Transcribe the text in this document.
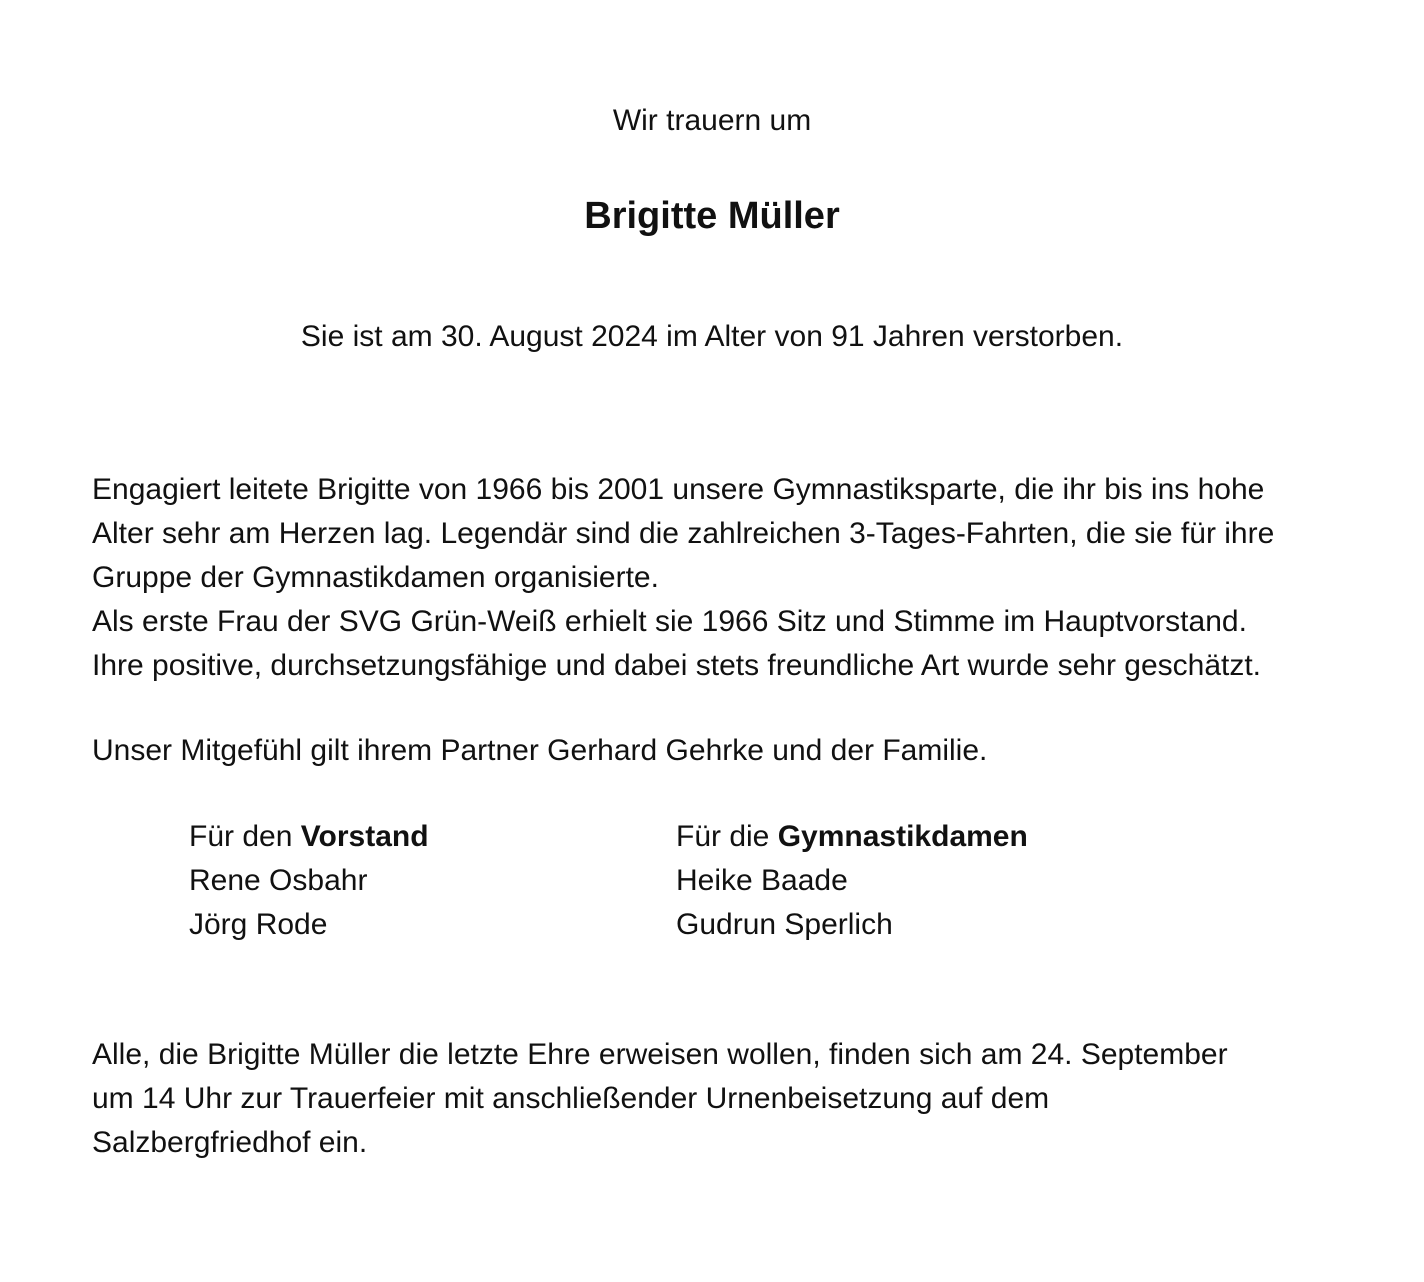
Wir trauern um
Brigitte Müller
Sie ist am 30. August 2024 im Alter von 91 Jahren verstorben.
Engagiert leitete Brigitte von 1966 bis 2001 unsere Gymnastiksparte, die ihr bis ins hohe
Alter sehr am Herzen lag. Legendär sind die zahlreichen 3-Tages-Fahrten, die sie für ihre
Gruppe der Gymnastikdamen organisierte.
Als erste Frau der SVG Grün-Weiß erhielt sie 1966 Sitz und Stimme im Hauptvorstand.
Ihre positive, durchsetzungsfähige und dabei stets freundliche Art wurde sehr geschätzt.
Unser Mitgefühl gilt ihrem Partner Gerhard Gehrke und der Familie.
Für den Vorstand
Rene Osbahr
Jörg Rode
Für die Gymnastikdamen
Heike Baade
Gudrun Sperlich
Alle, die Brigitte Müller die letzte Ehre erweisen wollen, finden sich am 24. September
um 14 Uhr zur Trauerfeier mit anschließender Urnenbeisetzung auf dem
Salzbergfriedhof ein.
